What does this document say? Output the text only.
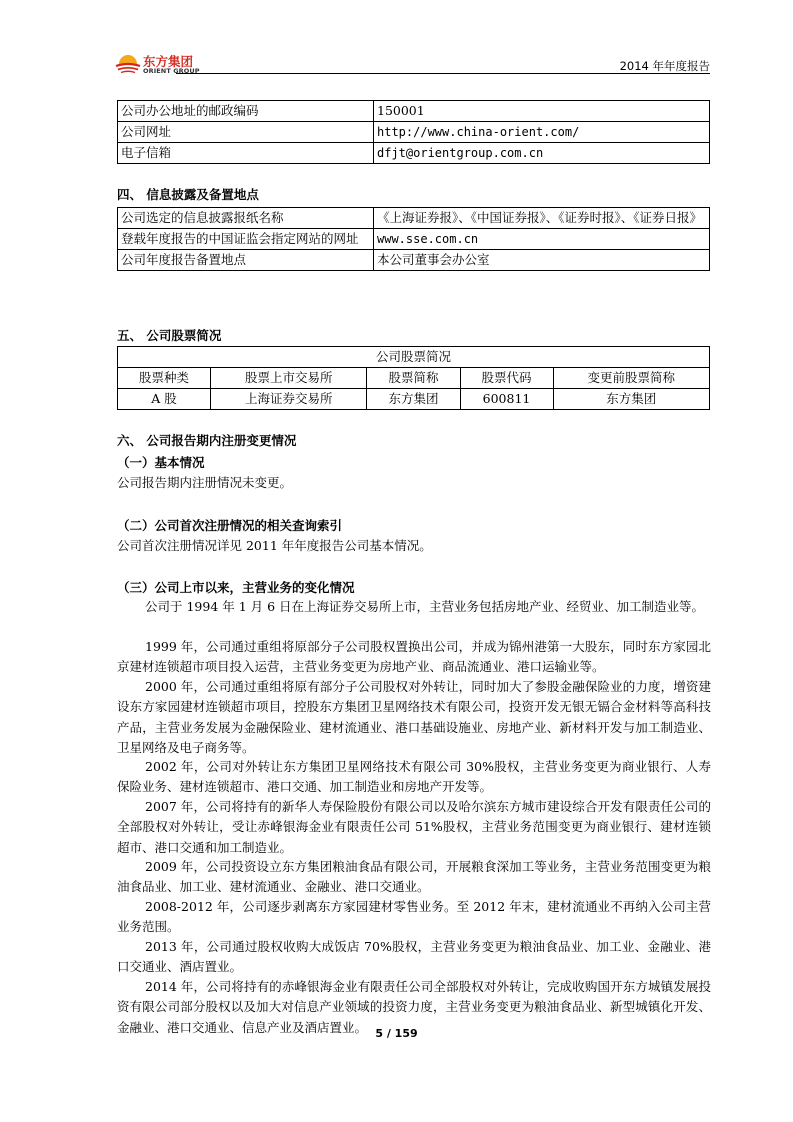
东方集团
ORIENT GROUP	2014 年年度报告
公司办公地址的邮政编码	150001
公司网址	http://www.china-orient.com/
电子信箱	dfjt@orientgroup.com.cn
四、 信息披露及备置地点
公司选定的信息披露报纸名称	《上海证券报》、《中国证券报》、《证券时报》、《证券日报》
登载年度报告的中国证监会指定网站的网址	www.sse.com.cn
公司年度报告备置地点	本公司董事会办公室
五、 公司股票简况
公司股票简况				
股票种类	股票上市交易所	股票简称	股票代码	变更前股票简称
A 股	上海证券交易所	东方集团	600811	东方集团
六、 公司报告期内注册变更情况
（一）基本情况
公司报告期内注册情况未变更。
（二）公司首次注册情况的相关查询索引
公司首次注册情况详见 2011 年年度报告公司基本情况。
（三）公司上市以来，主营业务的变化情况
公司于 1994 年 1 月 6 日在上海证券交易所上市，主营业务包括房地产业、经贸业、加工制造业等。
1999 年，公司通过重组将原部分子公司股权置换出公司，并成为锦州港第一大股东，同时东方家园北京建材连锁超市项目投入运营，主营业务变更为房地产业、商品流通业、港口运输业等。
2000 年，公司通过重组将原有部分子公司股权对外转让，同时加大了参股金融保险业的力度，增资建设东方家园建材连锁超市项目，控股东方集团卫星网络技术有限公司，投资开发无银无镉合金材料等高科技产品，主营业务发展为金融保险业、建材流通业、港口基础设施业、房地产业、新材料开发与加工制造业、卫星网络及电子商务等。
2002 年，公司对外转让东方集团卫星网络技术有限公司 30%股权，主营业务变更为商业银行、人寿保险业务、建材连锁超市、港口交通、加工制造业和房地产开发等。
2007 年，公司将持有的新华人寿保险股份有限公司以及哈尔滨东方城市建设综合开发有限责任公司的全部股权对外转让，受让赤峰银海金业有限责任公司 51%股权，主营业务范围变更为商业银行、建材连锁超市、港口交通和加工制造业。
2009 年，公司投资设立东方集团粮油食品有限公司，开展粮食深加工等业务，主营业务范围变更为粮油食品业、加工业、建材流通业、金融业、港口交通业。
2008-2012 年，公司逐步剥离东方家园建材零售业务。至 2012 年末，建材流通业不再纳入公司主营业务范围。
2013 年，公司通过股权收购大成饭店 70%股权，主营业务变更为粮油食品业、加工业、金融业、港口交通业、酒店置业。
2014 年，公司将持有的赤峰银海金业有限责任公司全部股权对外转让，完成收购国开东方城镇发展投资有限公司部分股权以及加大对信息产业领域的投资力度，主营业务变更为粮油食品业、新型城镇化开发、金融业、港口交通业、信息产业及酒店置业。 5 / 159
